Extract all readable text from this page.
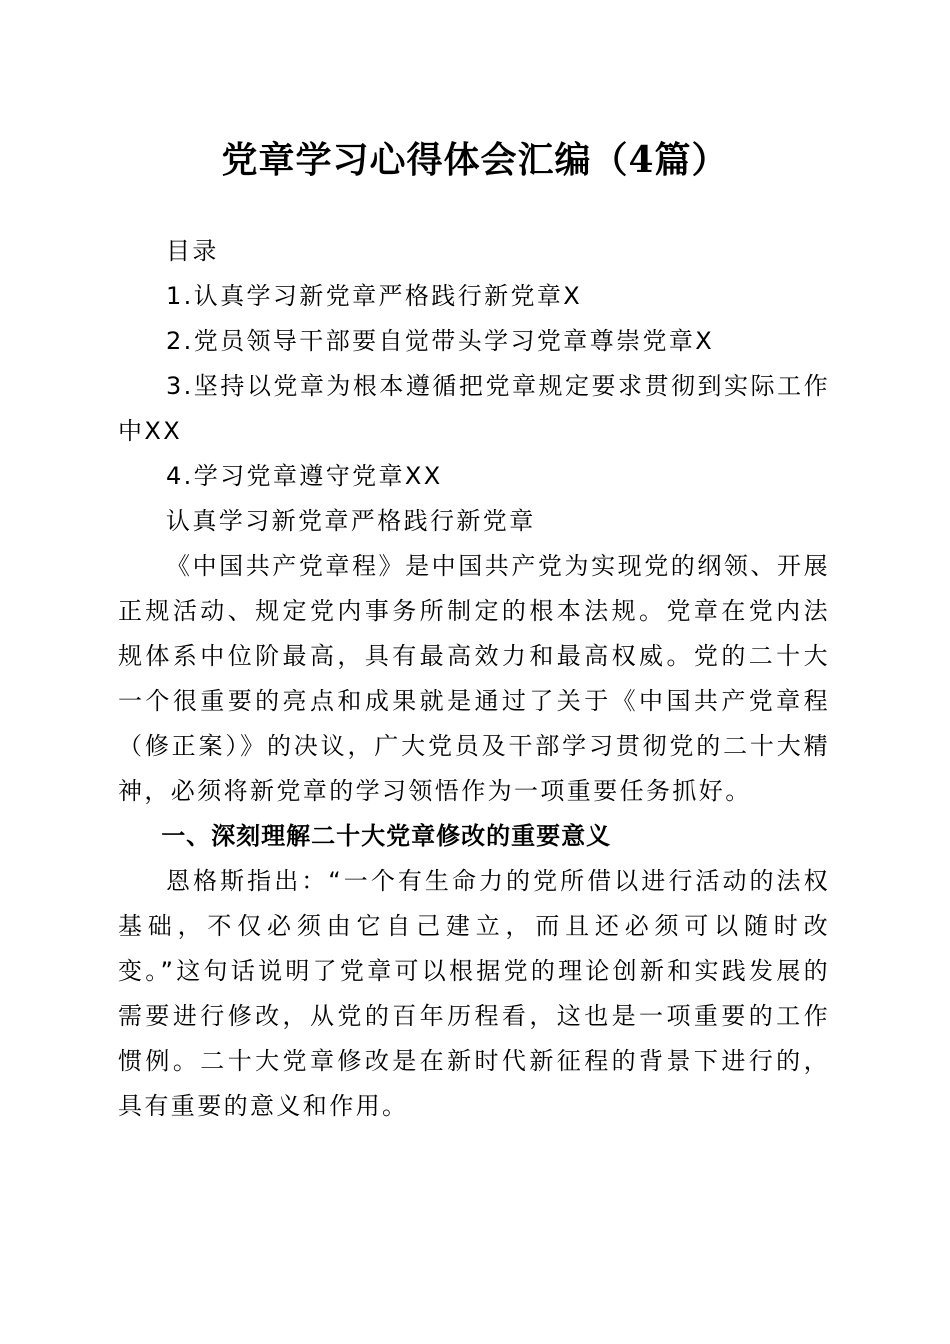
党章学习心得体会汇编（4篇）

目录

1.认真学习新党章严格践行新党章X

2.党员领导干部要自觉带头学习党章尊崇党章X

3.坚持以党章为根本遵循把党章规定要求贯彻到实际工作中XX

4.学习党章遵守党章XX

认真学习新党章严格践行新党章

《中国共产党章程》是中国共产党为实现党的纲领、开展正规活动、规定党内事务所制定的根本法规。党章在党内法规体系中位阶最高，具有最高效力和最高权威。党的二十大一个很重要的亮点和成果就是通过了关于《中国共产党章程（修正案）》的决议，广大党员及干部学习贯彻党的二十大精神，必须将新党章的学习领悟作为一项重要任务抓好。

一、深刻理解二十大党章修改的重要意义

恩格斯指出：“一个有生命力的党所借以进行活动的法权基础，不仅必须由它自己建立，而且还必须可以随时改变。”这句话说明了党章可以根据党的理论创新和实践发展的需要进行修改，从党的百年历程看，这也是一项重要的工作惯例。二十大党章修改是在新时代新征程的背景下进行的，具有重要的意义和作用。
